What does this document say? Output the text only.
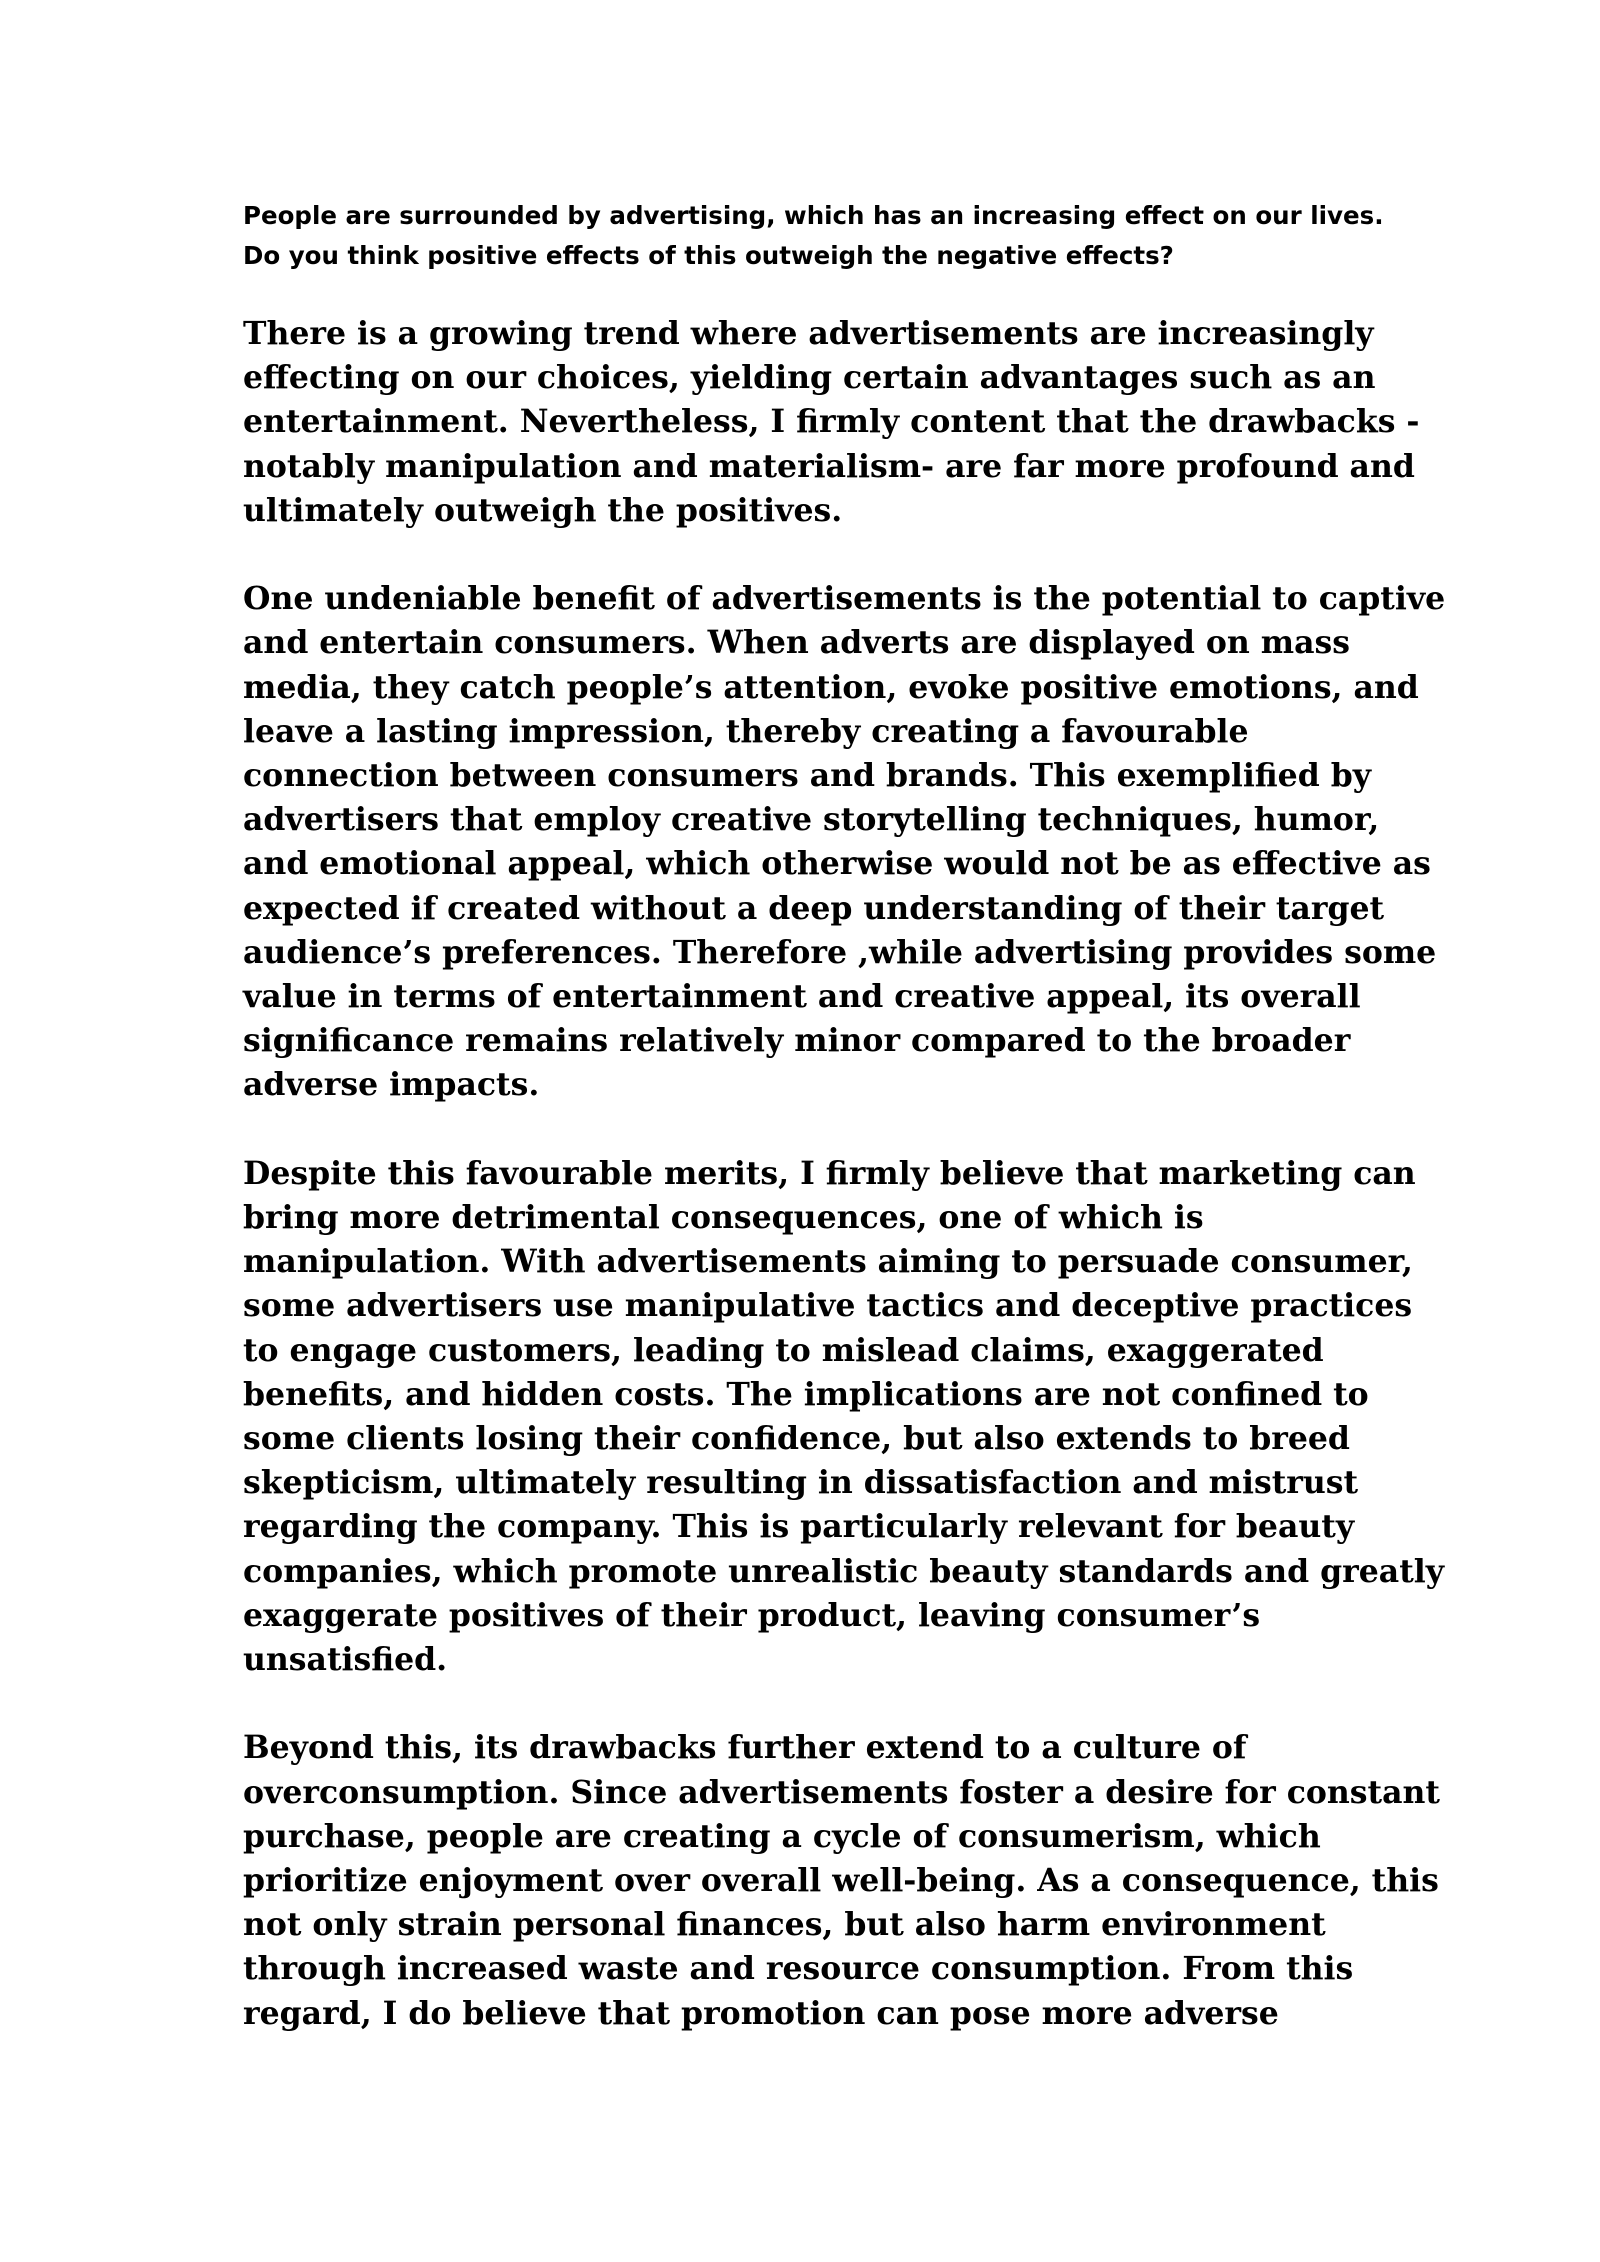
People are surrounded by advertising, which has an increasing effect on our lives.
Do you think positive effects of this outweigh the negative effects?

There is a growing trend where advertisements are increasingly
effecting on our choices, yielding certain advantages such as an
entertainment. Nevertheless, I firmly content that the drawbacks -
notably manipulation and materialism- are far more profound and
ultimately outweigh the positives.

One undeniable benefit of advertisements is the potential to captive
and entertain consumers. When adverts are displayed on mass
media, they catch people’s attention, evoke positive emotions, and
leave a lasting impression, thereby creating a favourable
connection between consumers and brands. This exemplified by
advertisers that employ creative storytelling techniques, humor,
and emotional appeal, which otherwise would not be as effective as
expected if created without a deep understanding of their target
audience’s preferences. Therefore ,while advertising provides some
value in terms of entertainment and creative appeal, its overall
significance remains relatively minor compared to the broader
adverse impacts.

Despite this favourable merits, I firmly believe that marketing can
bring more detrimental consequences, one of which is
manipulation. With advertisements aiming to persuade consumer,
some advertisers use manipulative tactics and deceptive practices
to engage customers, leading to mislead claims, exaggerated
benefits, and hidden costs. The implications are not confined to
some clients losing their confidence, but also extends to breed
skepticism, ultimately resulting in dissatisfaction and mistrust
regarding the company. This is particularly relevant for beauty
companies, which promote unrealistic beauty standards and greatly
exaggerate positives of their product, leaving consumer’s
unsatisfied.

Beyond this, its drawbacks further extend to a culture of
overconsumption. Since advertisements foster a desire for constant
purchase, people are creating a cycle of consumerism, which
prioritize enjoyment over overall well-being. As a consequence, this
not only strain personal finances, but also harm environment
through increased waste and resource consumption. From this
regard, I do believe that promotion can pose more adverse
